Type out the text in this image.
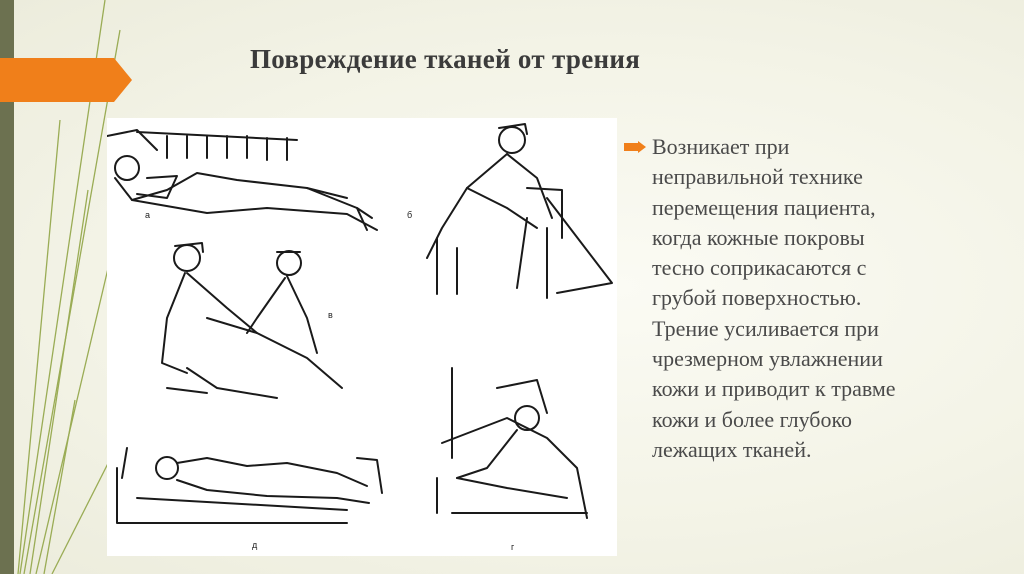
Повреждение тканей от трения
а	б
в
г
д
Возникает при
неправильной технике
перемещения пациента,
когда кожные покровы
тесно соприкасаются с
грубой поверхностью.
Трение усиливается при
чрезмерном увлажнении
кожи и приводит к травме
кожи и более глубоко
лежащих тканей.
